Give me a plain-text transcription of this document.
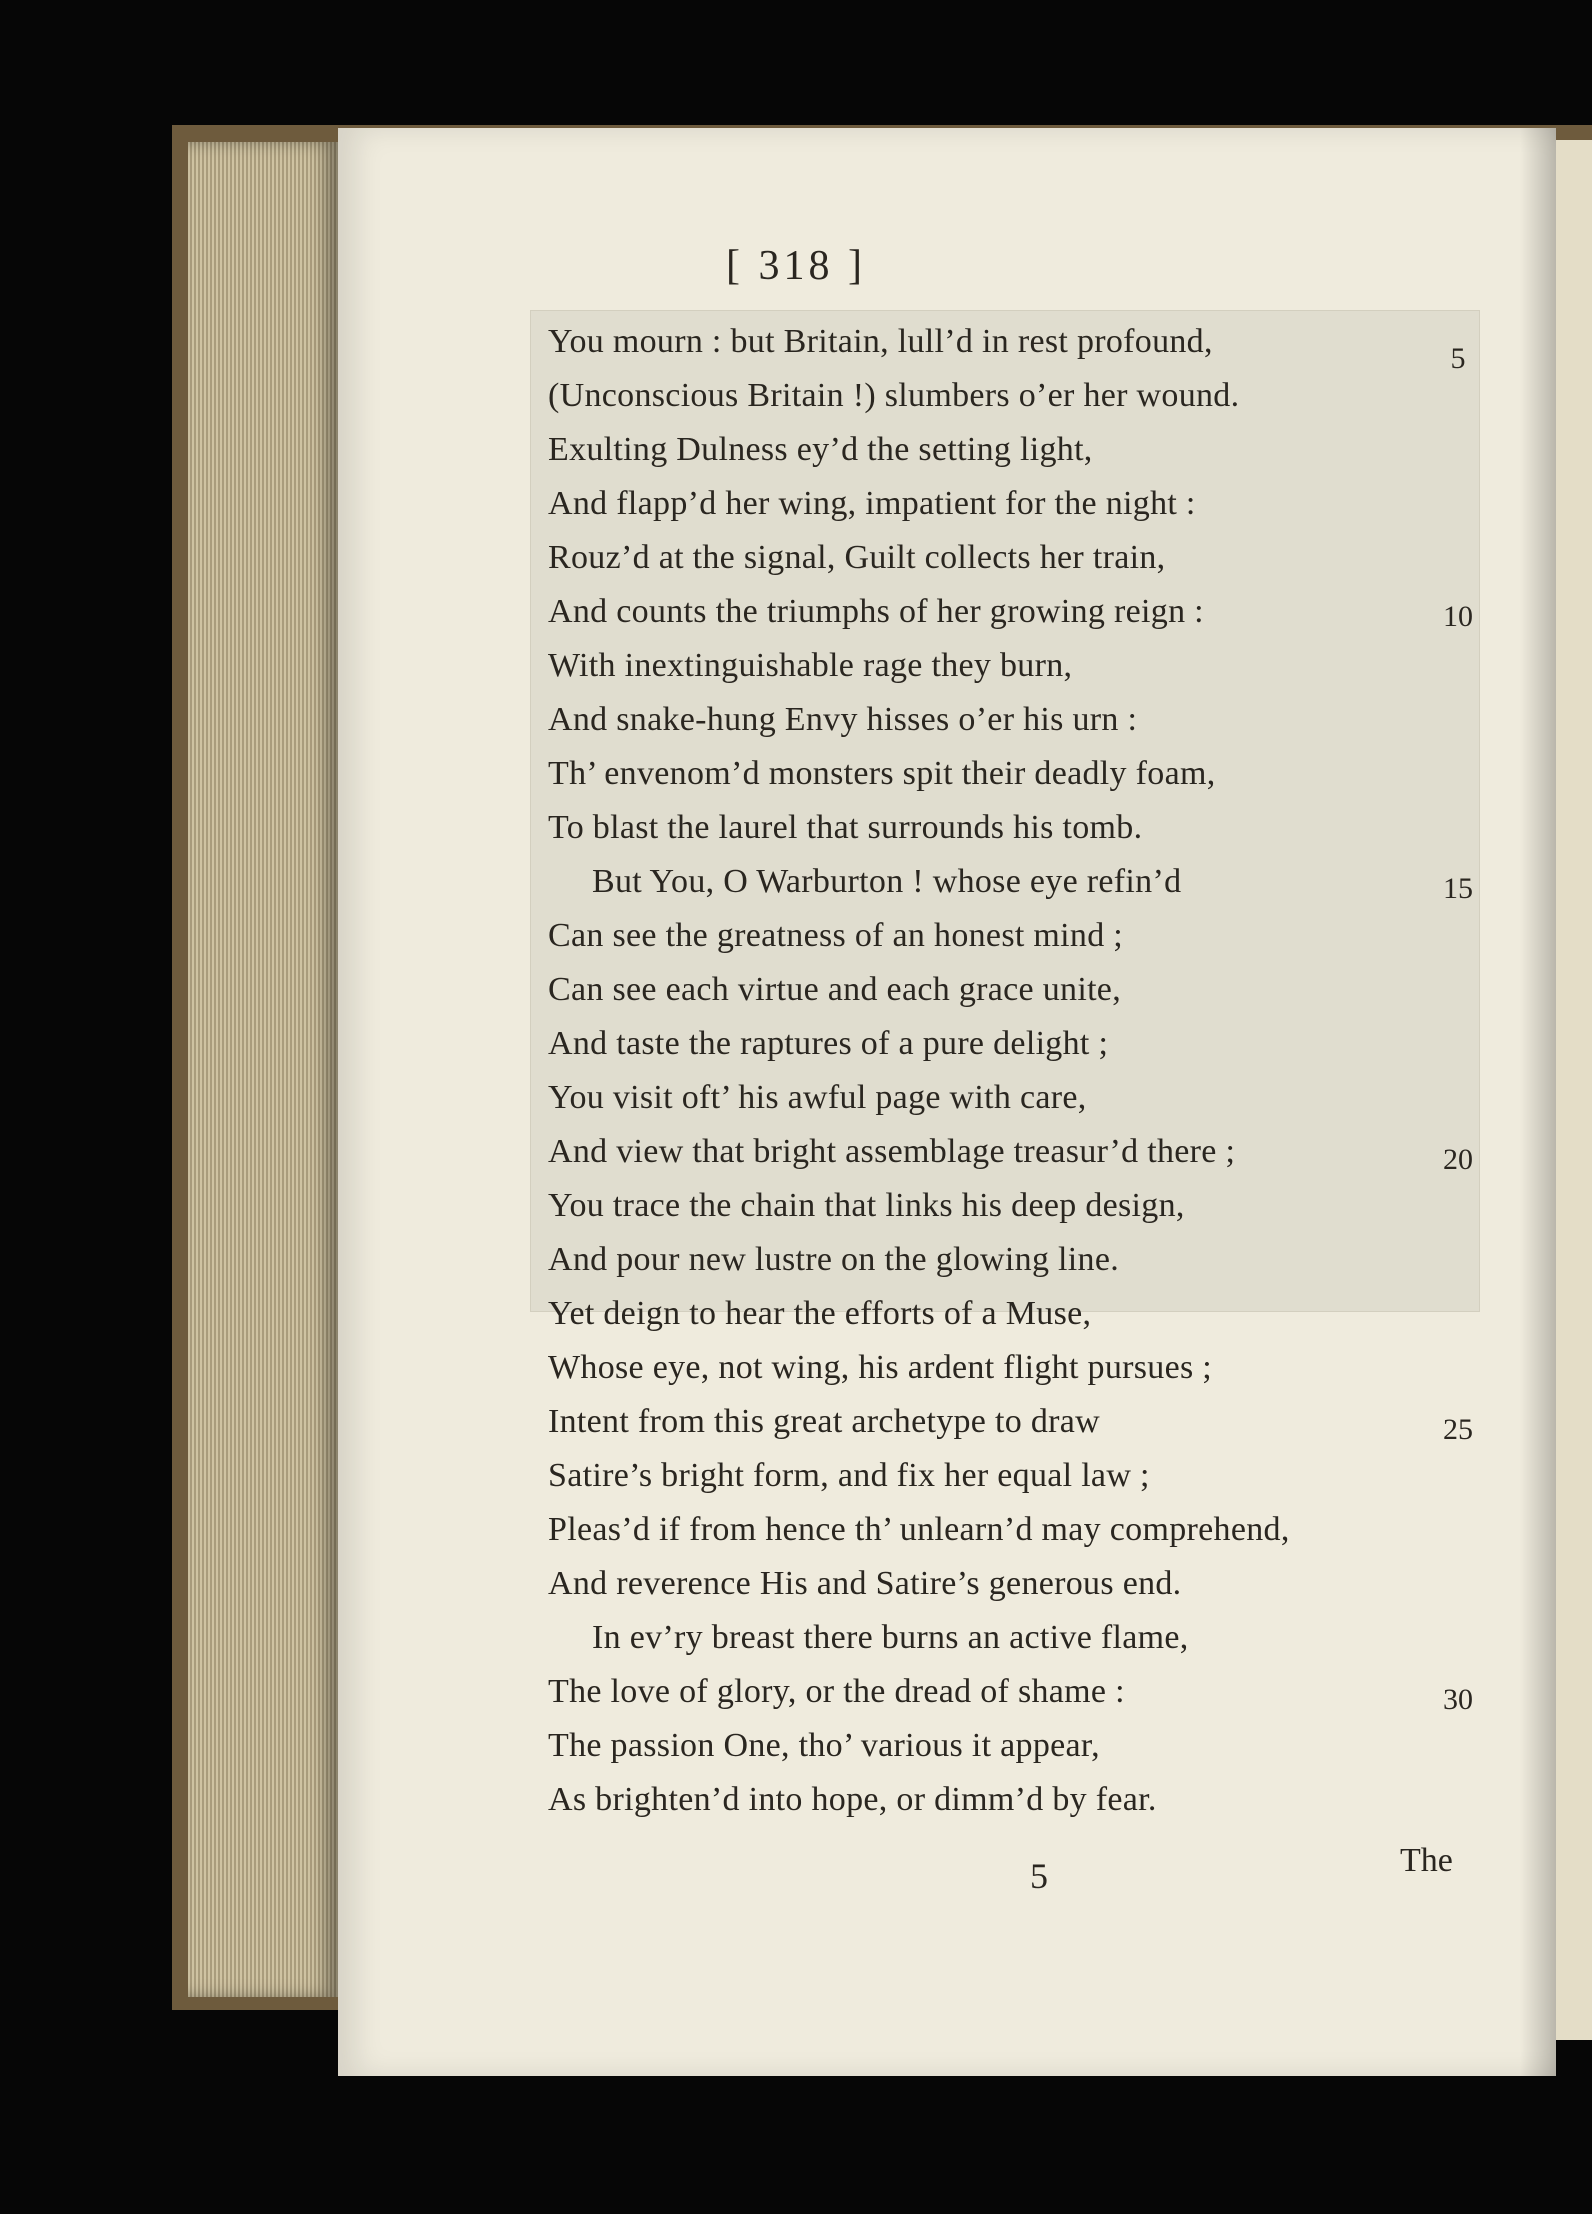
[ 318 ]
You mourn : but Britain, lull’d in rest profound,
(Unconscious Britain !) slumbers o’er her wound.
Exulting Dulness ey’d the setting light,
And flapp’d her wing, impatient for the night :
Rouz’d at the signal, Guilt collects her train,
And counts the triumphs of her growing reign :
With inextinguishable rage they burn,
And snake-hung Envy hisses o’er his urn :
Th’ envenom’d monsters spit their deadly foam,
To blast the laurel that surrounds his tomb.
But You, O Warburton ! whose eye refin’d
Can see the greatness of an honest mind ;
Can see each virtue and each grace unite,
And taste the raptures of a pure delight ;
You visit oft’ his awful page with care,
And view that bright assemblage treasur’d there ;
You trace the chain that links his deep design,
And pour new lustre on the glowing line.
Yet deign to hear the efforts of a Muse,
Whose eye, not wing, his ardent flight pursues ;
Intent from this great archetype to draw
Satire’s bright form, and fix her equal law ;
Pleas’d if from hence th’ unlearn’d may comprehend,
And reverence His and Satire’s generous end.
In ev’ry breast there burns an active flame,
The love of glory, or the dread of shame :
The passion One, tho’ various it appear,
As brighten’d into hope, or dimm’d by fear.
5
10
15
20
25
30
5	The
